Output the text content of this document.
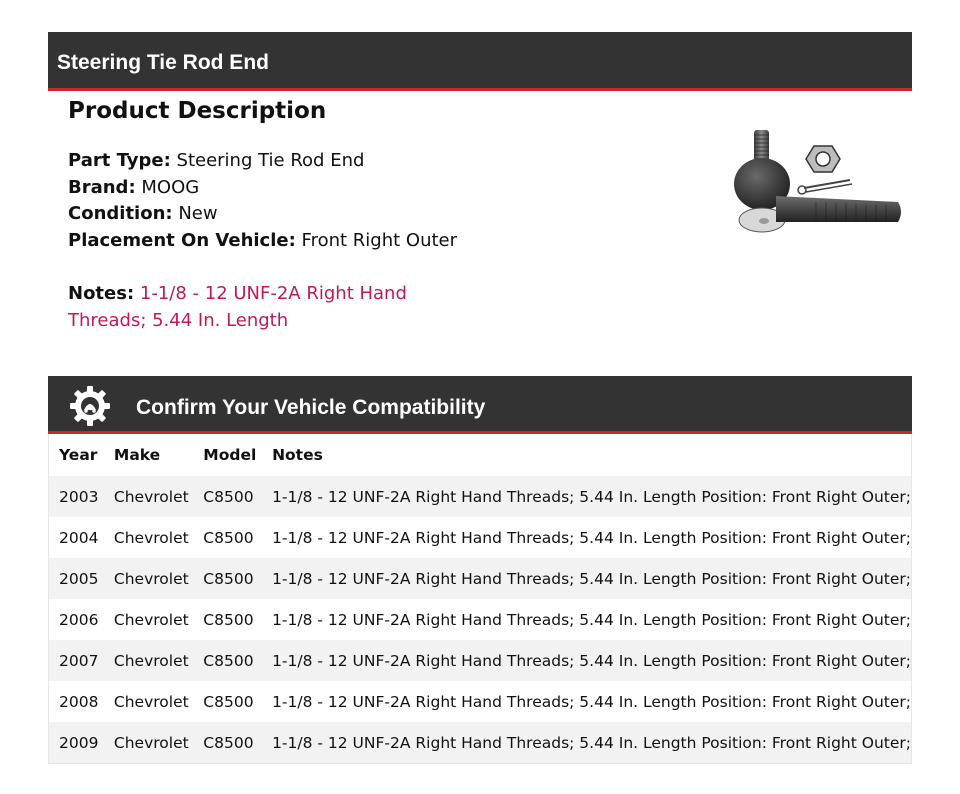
Steering Tie Rod End
Product Description
Part Type: Steering Tie Rod End
Brand: MOOG
Condition: New
Placement On Vehicle: Front Right Outer
Notes: 1-1/8 - 12 UNF-2A Right Hand Threads; 5.44 In. Length
Confirm Your Vehicle Compatibility
Year	Make	Model	Notes
2003	Chevrolet	C8500	1-1/8 - 12 UNF-2A Right Hand Threads; 5.44 In. Length Position: Front Right Outer;
2004	Chevrolet	C8500	1-1/8 - 12 UNF-2A Right Hand Threads; 5.44 In. Length Position: Front Right Outer;
2005	Chevrolet	C8500	1-1/8 - 12 UNF-2A Right Hand Threads; 5.44 In. Length Position: Front Right Outer;
2006	Chevrolet	C8500	1-1/8 - 12 UNF-2A Right Hand Threads; 5.44 In. Length Position: Front Right Outer;
2007	Chevrolet	C8500	1-1/8 - 12 UNF-2A Right Hand Threads; 5.44 In. Length Position: Front Right Outer;
2008	Chevrolet	C8500	1-1/8 - 12 UNF-2A Right Hand Threads; 5.44 In. Length Position: Front Right Outer;
2009	Chevrolet	C8500	1-1/8 - 12 UNF-2A Right Hand Threads; 5.44 In. Length Position: Front Right Outer;
